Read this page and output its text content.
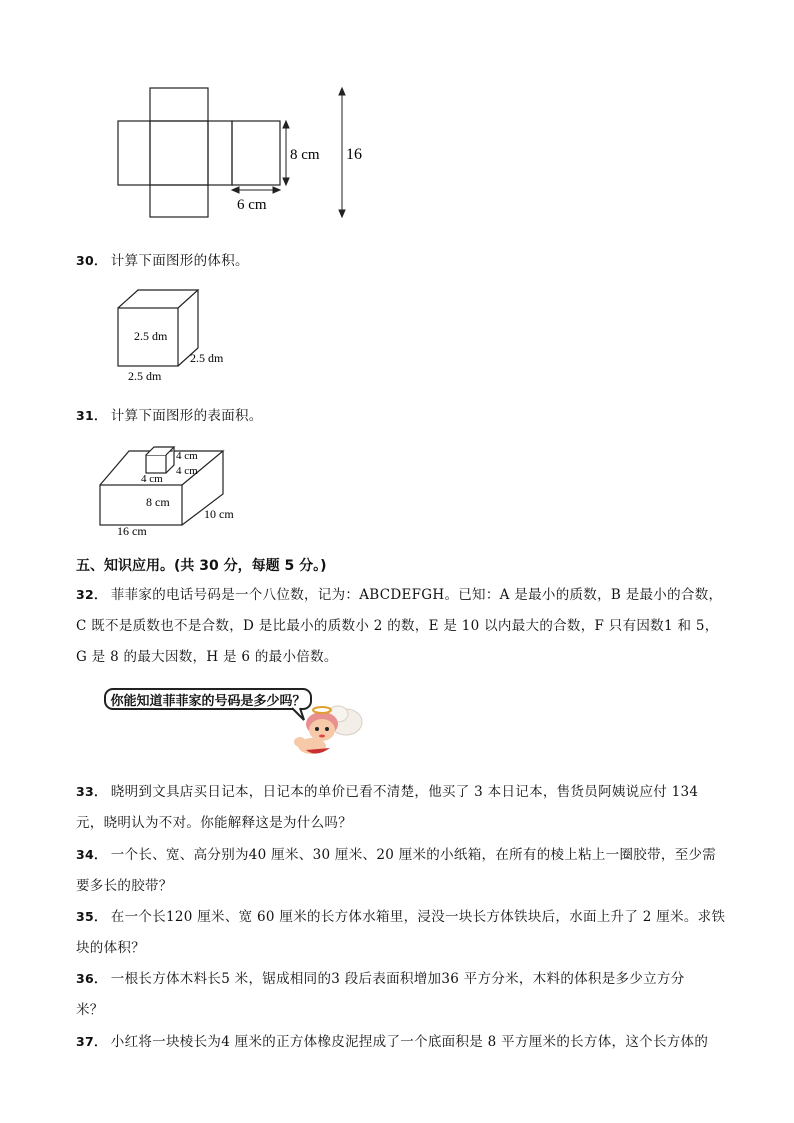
8 cm
6 cm
16
30． 计算下面图形的体积。
2.5 dm
2.5 dm
2.5 dm
31． 计算下面图形的表面积。
4 cm
4 cm
4 cm
8 cm
10 cm
16 cm
五、知识应用。(共 30 分，每题 5 分。)
32． 菲菲家的电话号码是一个八位数，记为：ABCDEFGH。已知：A 是最小的质数，B 是最小的合数，
C 既不是质数也不是合数，D 是比最小的质数小 2 的数，E 是 10 以内最大的合数，F 只有因数1 和 5，
G 是 8 的最大因数，H 是 6 的最小倍数。
你能知道菲菲家的号码是多少吗？
33． 晓明到文具店买日记本，日记本的单价已看不清楚，他买了 3 本日记本，售货员阿姨说应付 134
元，晓明认为不对。你能解释这是为什么吗？
34． 一个长、宽、高分别为40 厘米、30 厘米、20 厘米的小纸箱，在所有的棱上粘上一圈胶带，至少需
要多长的胶带？
35． 在一个长120 厘米、宽 60 厘米的长方体水箱里，浸没一块长方体铁块后，水面上升了 2 厘米。求铁
块的体积？
36． 一根长方体木料长5 米，锯成相同的3 段后表面积增加36 平方分米，木料的体积是多少立方分
米？
37． 小红将一块棱长为4 厘米的正方体橡皮泥捏成了一个底面积是 8 平方厘米的长方体，这个长方体的
